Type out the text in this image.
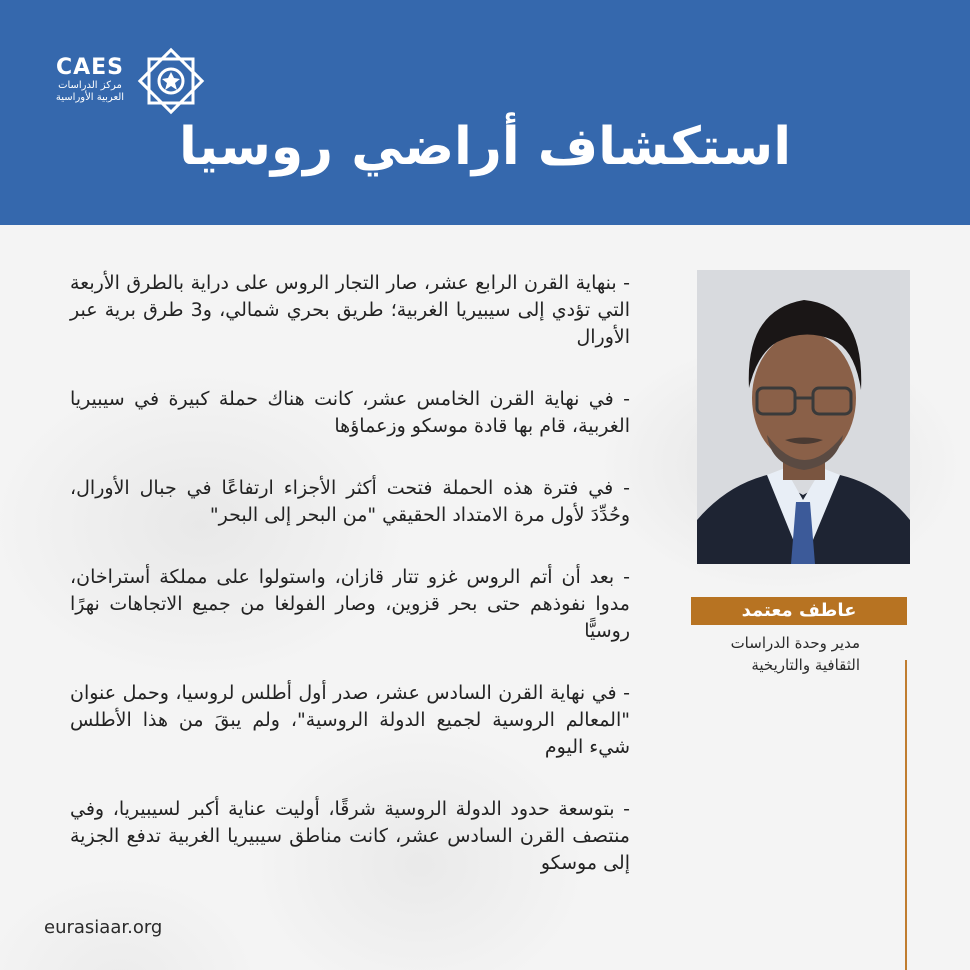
CAES
مركز الدراسات
العربية الأوراسية
استكشاف أراضي روسيا

- بنهاية القرن الرابع عشر، صار التجار الروس على دراية بالطرق الأربعة التي تؤدي إلى سيبيريا الغربية؛ طريق بحري شمالي، و3 طرق برية عبر الأورال

- في نهاية القرن الخامس عشر، كانت هناك حملة كبيرة في سيبيريا الغربية، قام بها قادة موسكو وزعماؤها

- في فترة هذه الحملة فتحت أكثر الأجزاء ارتفاعًا في جبال الأورال، وحُدِّدَ لأول مرة الامتداد الحقيقي "من البحر إلى البحر"

- بعد أن أتم الروس غزو تتار قازان، واستولوا على مملكة أستراخان، مدوا نفوذهم حتى بحر قزوين، وصار الفولغا من جميع الاتجاهات نهرًا روسيًّا

- في نهاية القرن السادس عشر، صدر أول أطلس لروسيا، وحمل عنوان "المعالم الروسية لجميع الدولة الروسية"، ولم يبقَ من هذا الأطلس شيء اليوم

- بتوسعة حدود الدولة الروسية شرقًا، أوليت عناية أكبر لسيبيريا، وفي منتصف القرن السادس عشر، كانت مناطق سيبيريا الغربية تدفع الجزية إلى موسكو

عاطف معتمد
مدير وحدة الدراسات
الثقافية والتاريخية
eurasiaar.org
